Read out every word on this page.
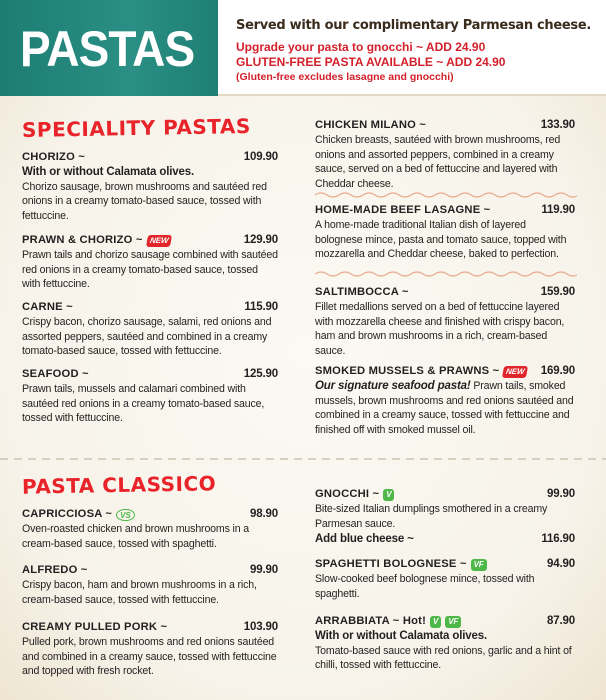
PASTAS	Served with our complimentary Parmesan cheese.
Upgrade your pasta to gnocchi ~ ADD 24.90
GLUTEN-FREE PASTA AVAILABLE ~ ADD 24.90
(Gluten-free excludes lasagne and gnocchi)
SPECIALITY PASTAS
PASTA CLASSICO
CHORIZO ~	109.90
With or without Calamata olives.
Chorizo sausage, brown mushrooms and sautéed red onions in a creamy tomato-based sauce, tossed with fettuccine.
PRAWN & CHORIZO ~ NEW	129.90
Prawn tails and chorizo sausage combined with sautéed red onions in a creamy tomato-based sauce, tossed with fettuccine.
CARNE ~	115.90
Crispy bacon, chorizo sausage, salami, red onions and assorted peppers, sautéed and combined in a creamy tomato-based sauce, tossed with fettuccine.
SEAFOOD ~	125.90
Prawn tails, mussels and calamari combined with sautéed red onions in a creamy tomato-based sauce, tossed with fettuccine.
CHICKEN MILANO ~	133.90
Chicken breasts, sautéed with brown mushrooms, red onions and assorted peppers, combined in a creamy sauce, served on a bed of fettuccine and layered with Cheddar cheese.
HOME-MADE BEEF LASAGNE ~	119.90
A home-made traditional Italian dish of layered bolognese mince, pasta and tomato sauce, topped with mozzarella and Cheddar cheese, baked to perfection.
SALTIMBOCCA ~	159.90
Fillet medallions served on a bed of fettuccine layered with mozzarella cheese and finished with crispy bacon, ham and brown mushrooms in a rich, cream-based sauce.
SMOKED MUSSELS & PRAWNS ~ NEW 169.90
Our signature seafood pasta! Prawn tails, smoked mussels, brown mushrooms and red onions sautéed and combined in a creamy sauce, tossed with fettuccine and finished off with smoked mussel oil.
CAPRICCIOSA ~	VS	98.90
Oven-roasted chicken and brown mushrooms in a cream-based sauce, tossed with spaghetti.
ALFREDO ~	99.90
Crispy bacon, ham and brown mushrooms in a rich, cream-based sauce, tossed with fettuccine.
CREAMY PULLED PORK ~	103.90
Pulled pork, brown mushrooms and red onions sautéed and combined in a creamy sauce, tossed with fettuccine and topped with fresh rocket.
GNOCCHI ~ V	99.90
Bite-sized Italian dumplings smothered in a creamy Parmesan sauce.
Add blue cheese ~	116.90
SPAGHETTI BOLOGNESE ~ VF	94.90
Slow-cooked beef bolognese mince, tossed with spaghetti.
ARRABBIATA ~ Hot! V	VF	87.90
With or without Calamata olives.
Tomato-based sauce with red onions, garlic and a hint of chilli, tossed with fettuccine.
